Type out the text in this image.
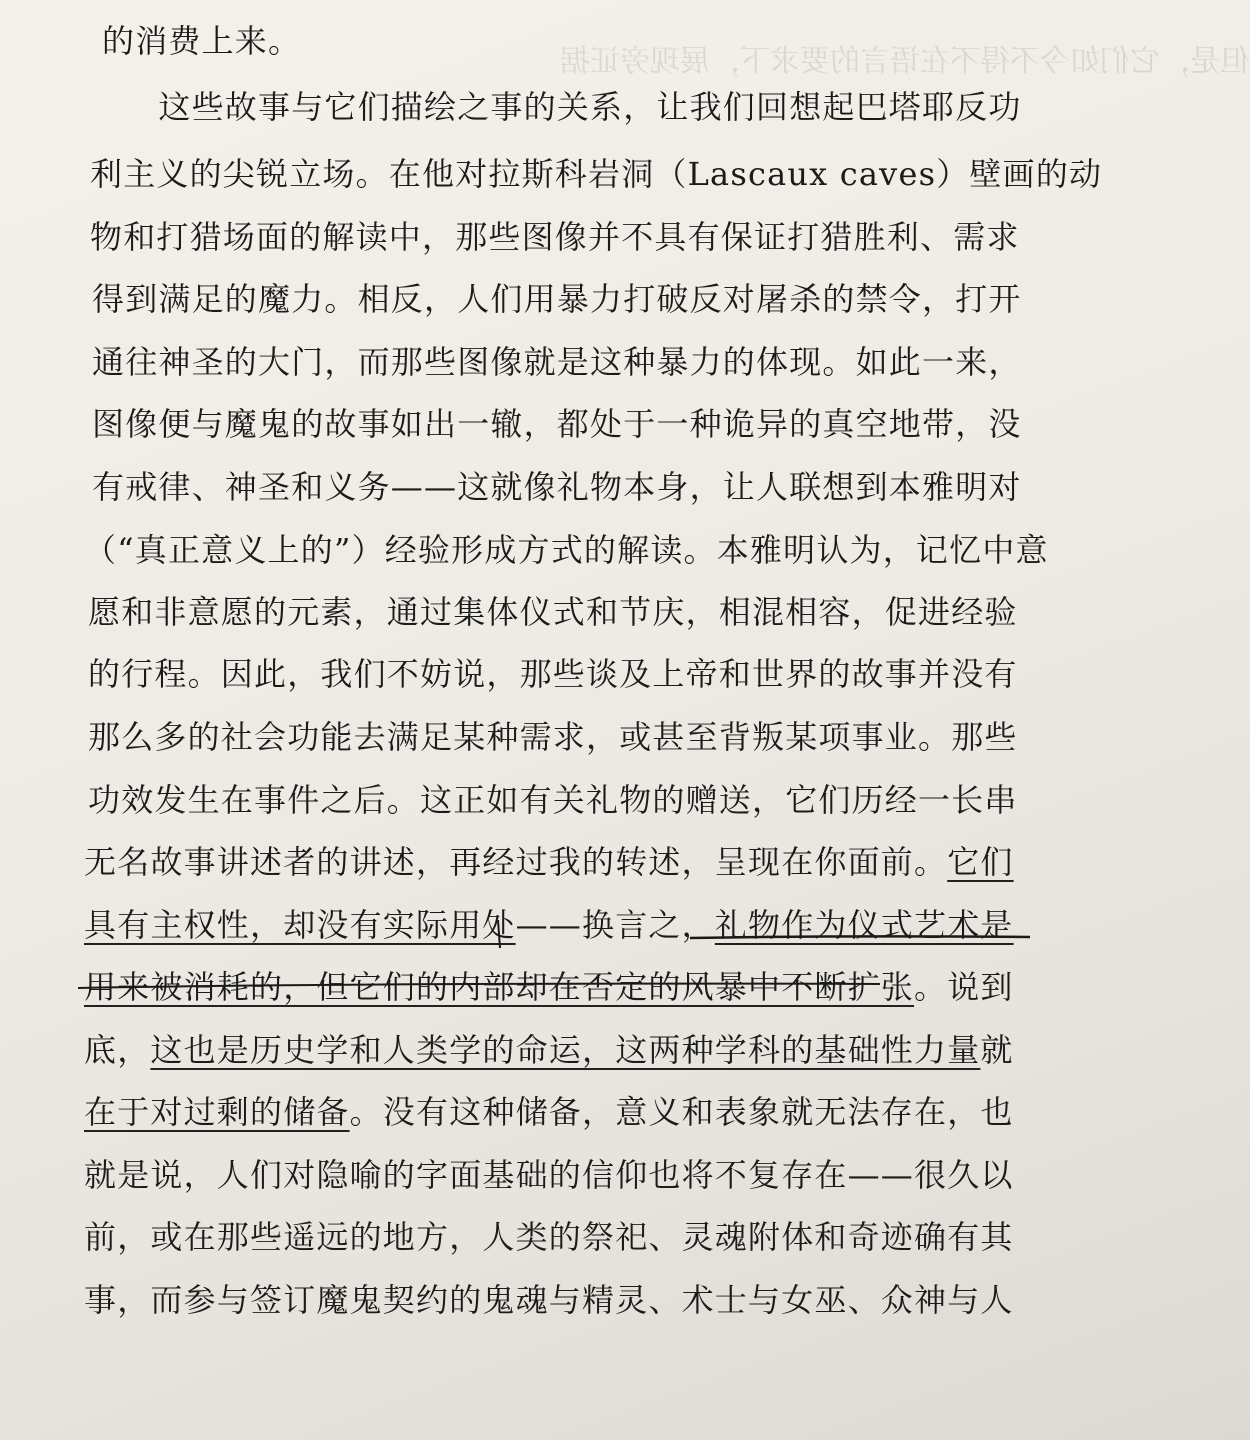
但是，它们如今不得不在语言的要求下，展现旁证据
的消费上来。
　　这些故事与它们描绘之事的关系，让我们回想起巴塔耶反功
利主义的尖锐立场。在他对拉斯科岩洞（Lascaux caves）壁画的动
物和打猎场面的解读中，那些图像并不具有保证打猎胜利、需求
得到满足的魔力。相反，人们用暴力打破反对屠杀的禁令，打开
通往神圣的大门，而那些图像就是这种暴力的体现。如此一来，
图像便与魔鬼的故事如出一辙，都处于一种诡异的真空地带，没
有戒律、神圣和义务——这就像礼物本身，让人联想到本雅明对
（“真正意义上的”）经验形成方式的解读。本雅明认为，记忆中意
愿和非意愿的元素，通过集体仪式和节庆，相混相容，促进经验
的行程。因此，我们不妨说，那些谈及上帝和世界的故事并没有
那么多的社会功能去满足某种需求，或甚至背叛某项事业。那些
功效发生在事件之后。这正如有关礼物的赠送，它们历经一长串
无名故事讲述者的讲述，再经过我的转述，呈现在你面前。它们
具有主权性，却没有实际用处——换言之，礼物作为仪式艺术是
用来被消耗的，但它们的内部却在否定的风暴中不断扩张。说到
底，这也是历史学和人类学的命运，这两种学科的基础性力量就
在于对过剩的储备。没有这种储备，意义和表象就无法存在，也
就是说，人们对隐喻的字面基础的信仰也将不复存在——很久以
前，或在那些遥远的地方，人类的祭祀、灵魂附体和奇迹确有其
事，而参与签订魔鬼契约的鬼魂与精灵、术士与女巫、众神与人
